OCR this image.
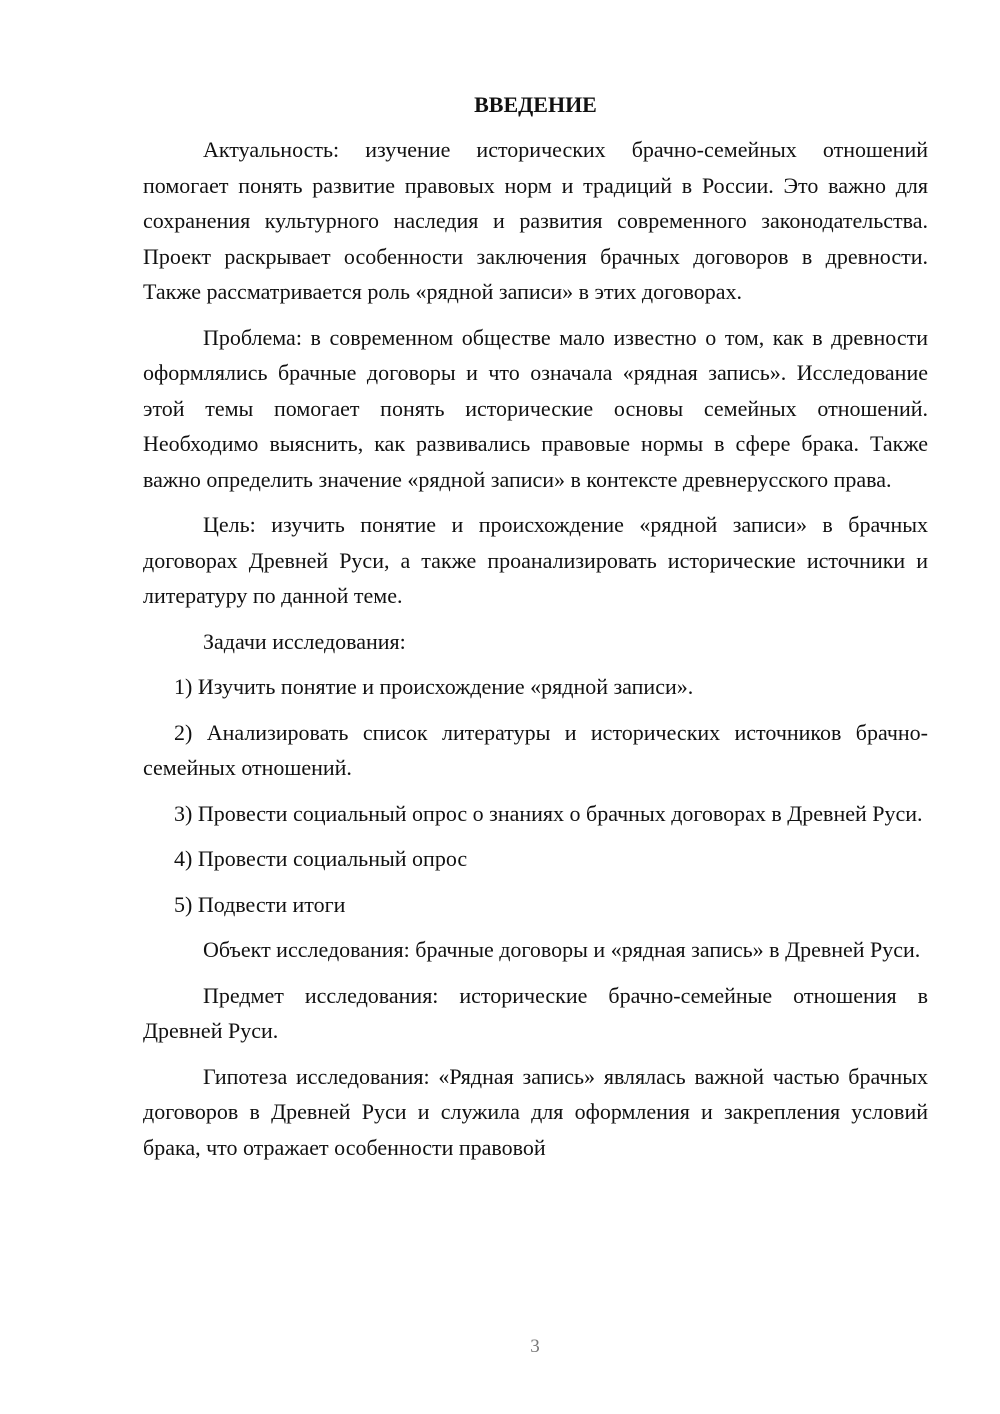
ВВЕДЕНИЕ

Актуальность: изучение исторических брачно-семейных отношений помогает понять развитие правовых норм и традиций в России. Это важно для сохранения культурного наследия и развития современного законодательства. Проект раскрывает особенности заключения брачных договоров в древности. Также рассматривается роль «рядной записи» в этих договорах.

Проблема: в современном обществе мало известно о том, как в древности оформлялись брачные договоры и что означала «рядная запись». Исследование этой темы помогает понять исторические основы семейных отношений. Необходимо выяснить, как развивались правовые нормы в сфере брака. Также важно определить значение «рядной записи» в контексте древнерусского права.

Цель: изучить понятие и происхождение «рядной записи» в брачных договорах Древней Руси, а также проанализировать исторические источники и литературу по данной теме.

Задачи исследования:

1) Изучить понятие и происхождение «рядной записи».

2) Анализировать список литературы и исторических источников брачно-семейных отношений.

3) Провести социальный опрос о знаниях о брачных договорах в Древней Руси.

4) Провести социальный опрос

5) Подвести итоги

Объект исследования: брачные договоры и «рядная запись» в Древней Руси.

Предмет исследования: исторические брачно-семейные отношения в Древней Руси.

Гипотеза исследования: «Рядная запись» являлась важной частью брачных договоров в Древней Руси и служила для оформления и закрепления условий брака, что отражает особенности правовой

3
